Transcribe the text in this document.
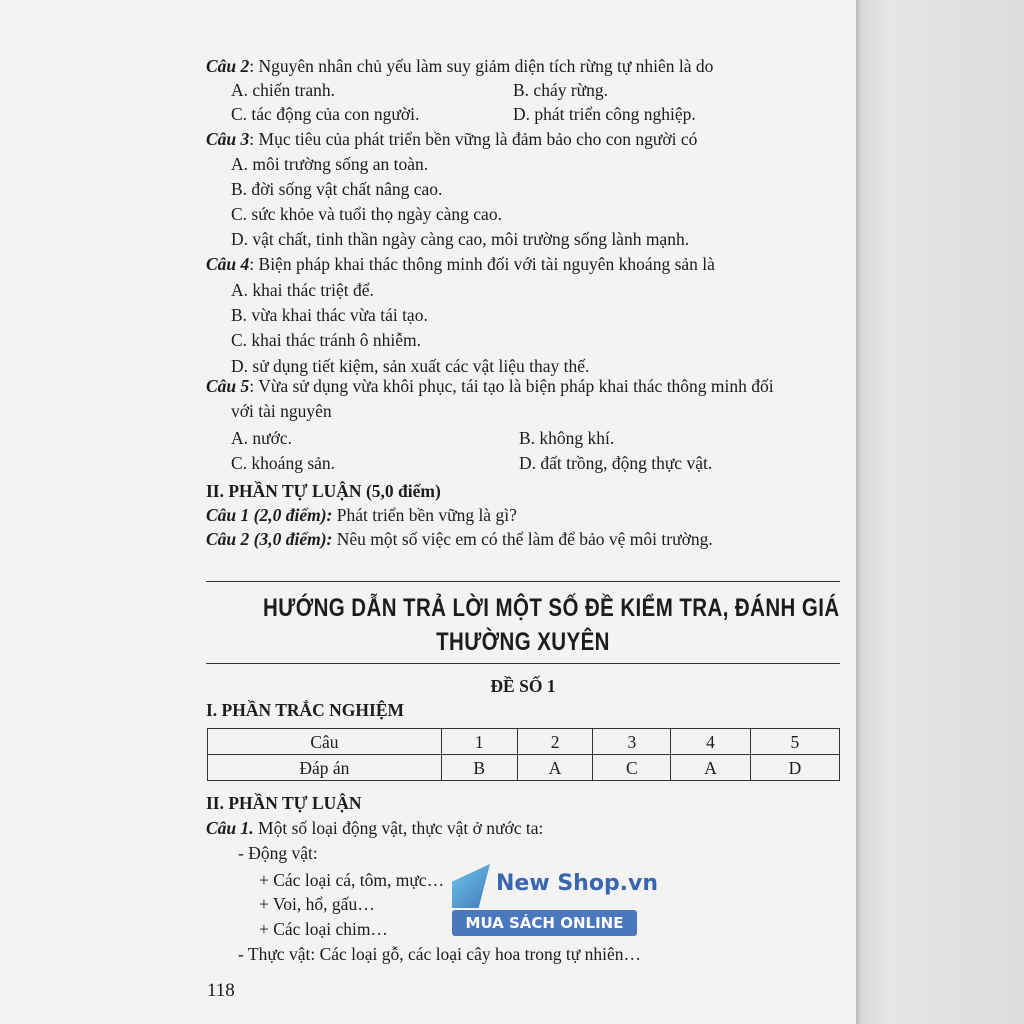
Câu 2: Nguyên nhân chủ yếu làm suy giảm diện tích rừng tự nhiên là do
A. chiến tranh.	B. cháy rừng.
C. tác động của con người.	D. phát triển công nghiệp.
Câu 3: Mục tiêu của phát triển bền vững là đảm bảo cho con người có
A. môi trường sống an toàn.
B. đời sống vật chất nâng cao.
C. sức khỏe và tuổi thọ ngày càng cao.
D. vật chất, tinh thần ngày càng cao, môi trường sống lành mạnh.
Câu 4: Biện pháp khai thác thông minh đối với tài nguyên khoáng sản là
A. khai thác triệt để.
B. vừa khai thác vừa tái tạo.
C. khai thác tránh ô nhiễm.
D. sử dụng tiết kiệm, sản xuất các vật liệu thay thế.
Câu 5: Vừa sử dụng vừa khôi phục, tái tạo là biện pháp khai thác thông minh đối
với tài nguyên
A. nước.	B. không khí.
C. khoáng sản.	D. đất trồng, động thực vật.
II. PHẦN TỰ LUẬN (5,0 điểm)
Câu 1 (2,0 điểm): Phát triển bền vững là gì?
Câu 2 (3,0 điểm): Nêu một số việc em có thể làm để bảo vệ môi trường.
HƯỚNG DẪN TRẢ LỜI MỘT SỐ ĐỀ KIỂM TRA, ĐÁNH GIÁ
THƯỜNG XUYÊN
ĐỀ SỐ 1
I. PHẦN TRẮC NGHIỆM
Câu	1	2	3	4	5
Đáp án	B	A	C	A	D
II. PHẦN TỰ LUẬN
Câu 1. Một số loại động vật, thực vật ở nước ta:
- Động vật:
+ Các loại cá, tôm, mực…
+ Voi, hổ, gấu…
+ Các loại chim…
- Thực vật: Các loại gỗ, các loại cây hoa trong tự nhiên…
New Shop.vn
MUA SÁCH ONLINE
118
